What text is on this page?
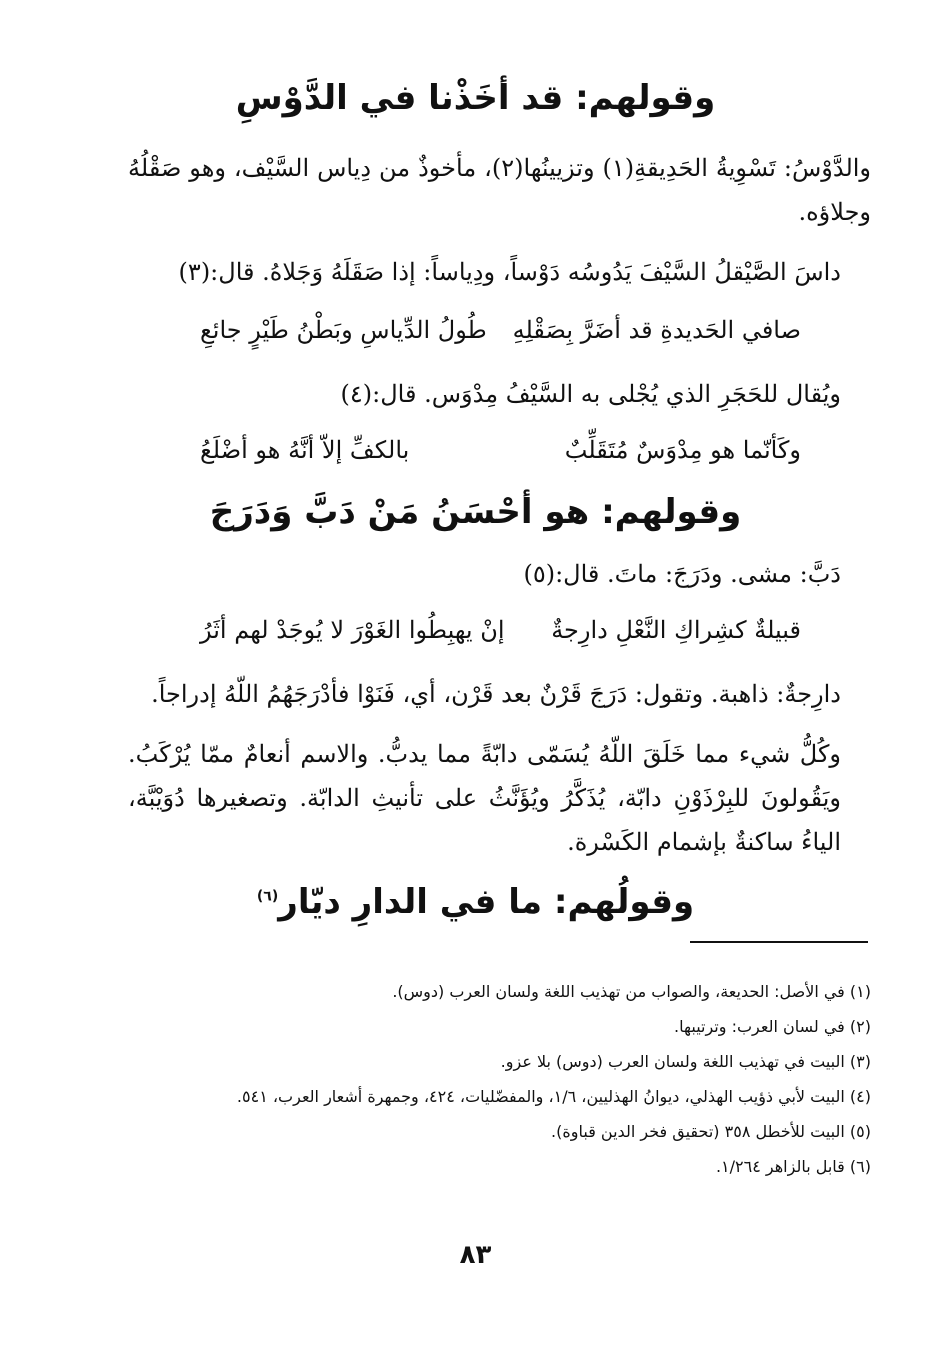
وقولهم: قد أخَذْنا في الدَّوْسِ
والدَّوْسُ: تَسْوِيةُ الحَدِيقةِ(١) وتزيينُها(٢)، مأخوذٌ من دِياس السَّيْف، وهو صَقْلُهُ وجلاؤه.
داسَ الصَّيْقلُ السَّيْفَ يَدُوسُه دَوْساً، ودِياساً: إذا صَقَلَهُ وَجَلاهُ. قال:(٣)
صافي الحَديدةِ قد أضَرَّ بِصَقْلِهِ
طُولُ الدِّياسِ وبَطْنُ طَيْرٍ جائعِ
ويُقال للحَجَرِ الذي يُجْلى به السَّيْفُ مِدْوَس. قال:(٤)
وكَأنّما هو مِدْوَسٌ مُتَقَلِّبٌ
بالكفِّ إلاّ أنَّهُ هو أضْلَعُ
وقولهم: هو أحْسَنُ مَنْ دَبَّ وَدَرَجَ
دَبَّ: مشى. ودَرَجَ: ماتَ. قال:(٥)
قبيلةٌ كشِراكِ النَّعْلِ دارِجةٌ
إنْ يهبِطُوا الغَوْرَ لا يُوجَدْ لهم أثَرُ
دارِجةٌ: ذاهبة. وتقول: دَرَجَ قَرْنٌ بعد قَرْن، أي، فَنَوْا فأدْرَجَهُمُ اللّهُ إدراجاً.
وكُلُّ شيء مما خَلَقَ اللّهُ يُسَمّى دابّةً مما يدبُّ. والاسم أنعامٌ ممّا يُرْكَبُ. ويَقُولونَ للبِرْذَوْنِ دابّة، يُذَكَّرُ ويُؤَنَّثُ على تأنيثِ الدابّة. وتصغيرها دُوَيْبَّة، الياءُ ساكنةٌ بإشمام الكَسْرة.
وقولُهم: ما في الدارِ ديّار$^{(٦)}$
(١) في الأصل: الحديعة، والصواب من تهذيب اللغة ولسان العرب (دوس).
(٢) في لسان العرب: وترتيبها.
(٣) البيت في تهذيب اللغة ولسان العرب (دوس) بلا عزو.
(٤) البيت لأبي ذؤيب الهذلي، ديوانُ الهذليين، ١/٦، والمفضّليات، ٤٢٤، وجمهرة أشعار العرب، ٥٤١.
(٥) البيت للأخطل ٣٥٨ (تحقيق فخر الدين قباوة).
(٦) قابل بالزاهر ١/٢٦٤.
٨٣
